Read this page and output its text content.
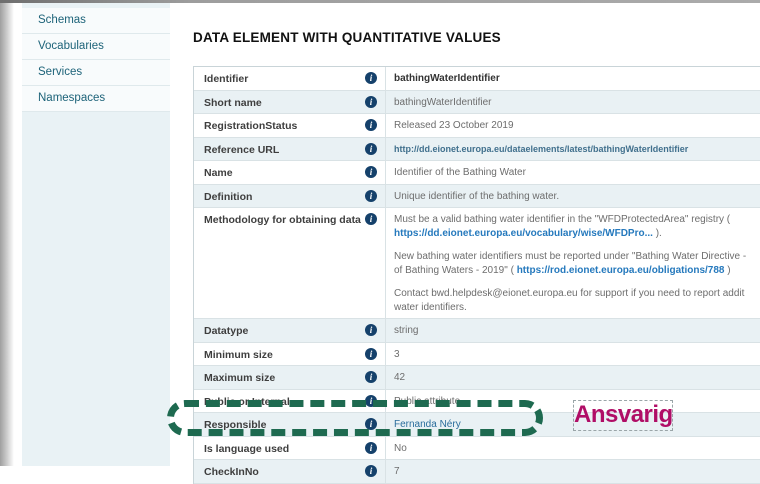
Schemas
Vocabularies
Services
Namespaces
DATA ELEMENT WITH QUANTITATIVE VALUES
Identifier	i	bathingWaterIdentifier
Short name	i	bathingWaterIdentifier
RegistrationStatus	i	Released 23 October 2019
Reference URL	i	http://dd.eionet.europa.eu/dataelements/latest/bathingWaterIdentifier
Name	i	Identifier of the Bathing Water
Definition	i	Unique identifier of the bathing water.
Methodology for obtaining data i	Must be a valid bathing water identifier in the "WFDProtectedArea" registry (
https://dd.eionet.europa.eu/vocabulary/wise/WFDPro... ).
New bathing water identifiers must be reported under "Bathing Water Directive -
of Bathing Waters - 2019" ( https://rod.eionet.europa.eu/obligations/788 )
Contact bwd.helpdesk@eionet.europa.eu for support if you need to report addit
water identifiers.
Datatype	i	string
Minimum size	i	3
Maximum size	i	42
Public or Internal	i	Public attribute
Responsible	i	Fernanda Néry
Is language used	i	No
CheckInNo	i	7
Ansvarig
